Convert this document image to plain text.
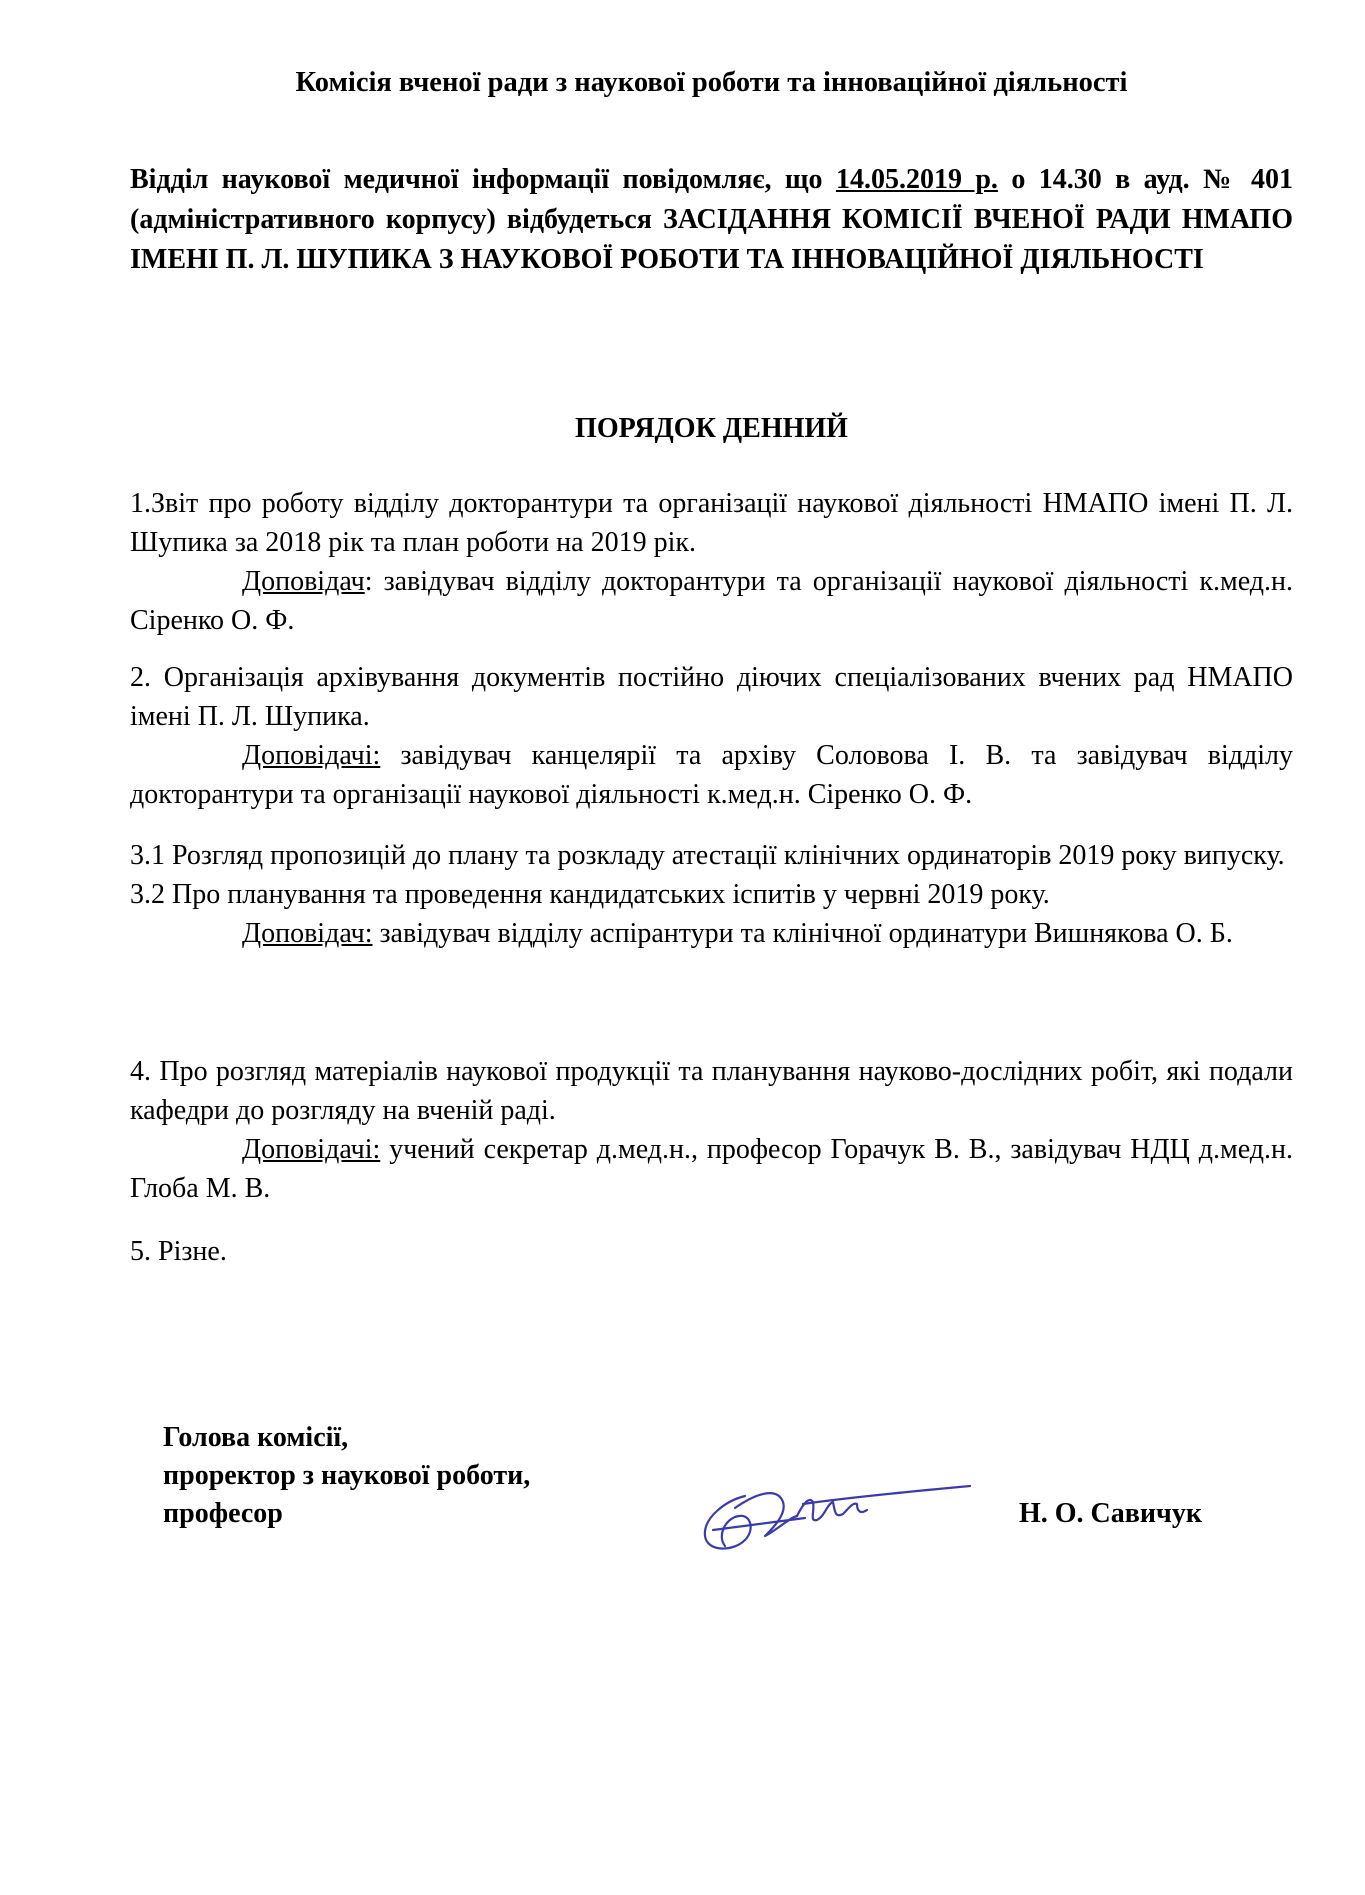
Комісія вченої ради з наукової роботи та інноваційної діяльності
Відділ наукової медичної інформації повідомляє, що 14.05.2019 р. о 14.30 в ауд. № 401 (адміністративного корпусу) відбудеться ЗАСІДАННЯ КОМІСІЇ ВЧЕНОЇ РАДИ НМАПО ІМЕНІ П. Л. ШУПИКА З НАУКОВОЇ РОБОТИ ТА ІННОВАЦІЙНОЇ ДІЯЛЬНОСТІ
ПОРЯДОК ДЕННИЙ

1.Звіт про роботу відділу докторантури та організації наукової діяльності НМАПО імені П. Л. Шупика за 2018 рік та план роботи на 2019 рік.

Доповідач: завідувач відділу докторантури та організації наукової діяльності к.мед.н. Сіренко О. Ф.

2. Організація архівування документів постійно діючих спеціалізованих вчених рад НМАПО імені П. Л. Шупика.

Доповідачі: завідувач канцелярії та архіву Соловова І. В. та завідувач відділу докторантури та організації наукової діяльності к.мед.н. Сіренко О. Ф.

3.1 Розгляд пропозицій до плану та розкладу атестації клінічних ординаторів 2019 року випуску.

3.2 Про планування та проведення кандидатських іспитів у червні 2019 року.

Доповідач: завідувач відділу аспірантури та клінічної ординатури Вишнякова О. Б.

4. Про розгляд матеріалів наукової продукції та планування науково-дослідних робіт, які подали кафедри до розгляду на вченій раді.

Доповідачі: учений секретар д.мед.н., професор Горачук В. В., завідувач НДЦ д.мед.н. Глоба М. В.

5. Різне.

Голова комісії,
проректор з наукової роботи,
професор	Н. О. Савичук
